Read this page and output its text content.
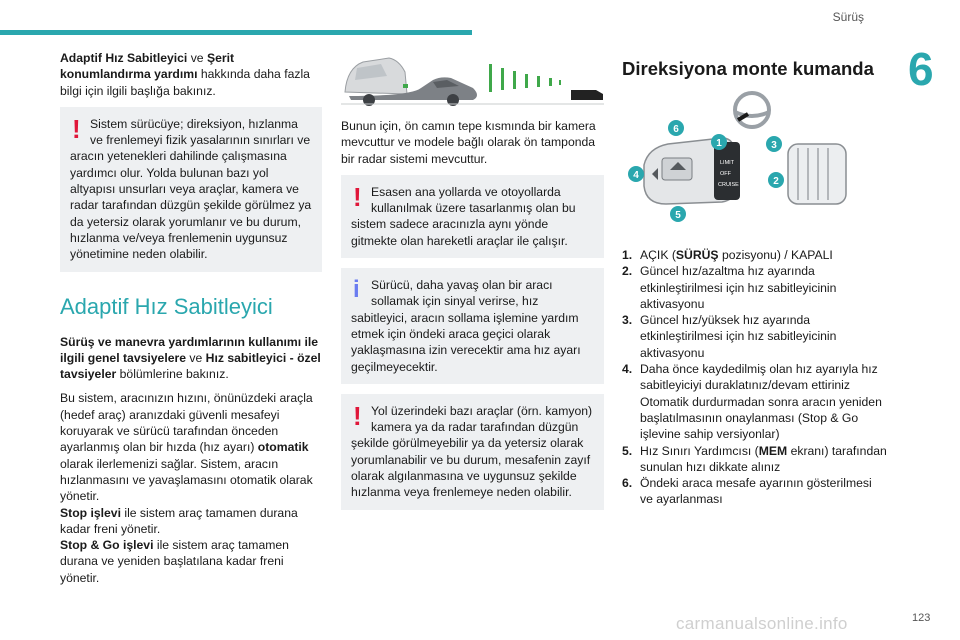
Sürüş
6
Adaptif Hız Sabitleyici ve Şerit konumlandırma yardımı hakkında daha fazla bilgi için ilgili başlığa bakınız.
! Sistem sürücüye; direksiyon, hızlanma ve frenlemeyi fizik yasalarının sınırları ve
aracın yetenekleri dahilinde çalışmasına yardımcı olur. Yolda bulunan bazı yol altyapısı unsurları veya araçlar, kamera ve radar tarafından düzgün şekilde görülmez ya da yetersiz olarak yorumlanır ve bu durum, hızlanma ve/veya frenlemenin uygunsuz yönetimine neden olabilir.
Adaptif Hız Sabitleyici
Sürüş ve manevra yardımlarının kullanımı ile ilgili genel tavsiyelere ve Hız sabitleyici - özel tavsiyeler bölümlerine bakınız.
Bu sistem, aracınızın hızını, önünüzdeki araçla (hedef araç) aranızdaki güvenli mesafeyi koruyarak ve sürücü tarafından önceden ayarlanmış olan bir hızda (hız ayarı) otomatik olarak ilerlemenizi sağlar. Sistem, aracın hızlanmasını ve yavaşlamasını otomatik olarak yönetir.
Stop işlevi ile sistem araç tamamen durana kadar freni yönetir.
Stop & Go işlevi ile sistem araç tamamen durana ve yeniden başlatılana kadar freni yönetir.
Bunun için, ön camın tepe kısmında bir kamera mevcuttur ve modele bağlı olarak ön tamponda bir radar sistemi mevcuttur.
! Esasen ana yollarda ve otoyollarda kullanılmak üzere tasarlanmış olan bu
sistem sadece aracınızla aynı yönde gitmekte olan hareketli araçlar ile çalışır.
i Sürücü, daha yavaş olan bir aracı sollamak için sinyal verirse, hız
sabitleyici, aracın sollama işlemine yardım etmek için öndeki araca geçici olarak yaklaşmasına izin verecektir ama hız ayarı geçilmeyecektir.
! Yol üzerindeki bazı araçlar (örn. kamyon) kamera ya da radar tarafından düzgün
şekilde görülmeyebilir ya da yetersiz olarak yorumlanabilir ve bu durum, mesafenin zayıf olarak algılanmasına ve uygunsuz şekilde hızlanma veya frenlemeye neden olabilir.
Direksiyona monte kumanda
LIMIT
OFF
CRUISE
6
1
4
5
3
2
1. AÇIK (SÜRÜŞ pozisyonu) / KAPALI
2. Güncel hız/azaltma hız ayarında etkinleştirilmesi için hız sabitleyicinin aktivasyonu
3. Güncel hız/yüksek hız ayarında etkinleştirilmesi için hız sabitleyicinin aktivasyonu
4. Daha önce kaydedilmiş olan hız ayarıyla hız sabitleyiciyi duraklatınız/devam ettiriniz Otomatik durdurmadan sonra aracın yeniden başlatılmasının onaylanması (Stop & Go işlevine sahip versiyonlar)
5. Hız Sınırı Yardımcısı (MEM ekranı) tarafından sunulan hızı dikkate alınız
6. Öndeki araca mesafe ayarının gösterilmesi ve ayarlanması
carmanualsonline.info	123
